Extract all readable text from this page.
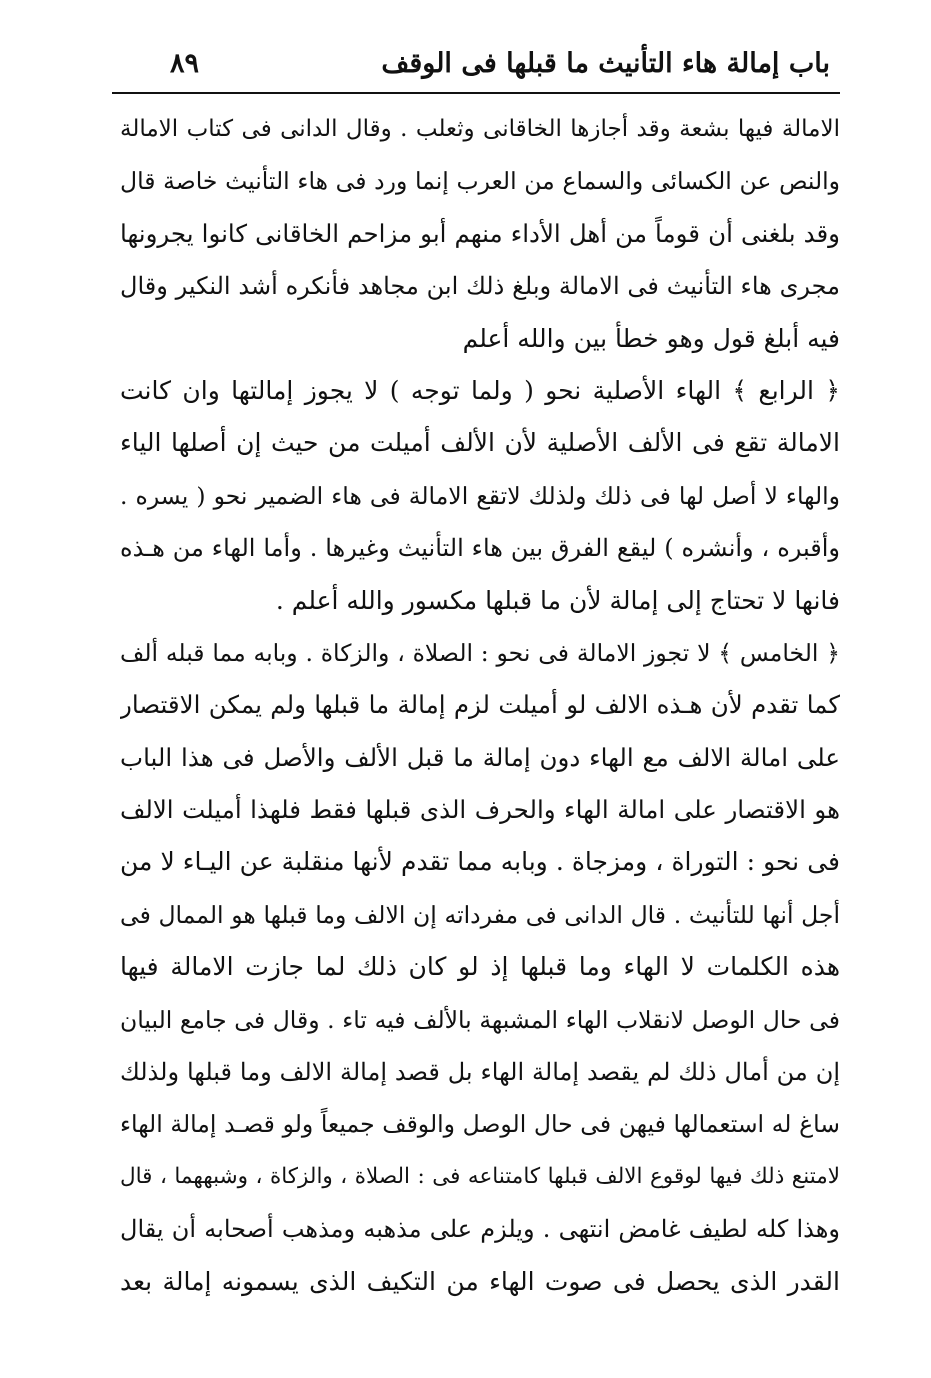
باب إمالة هاء التأنيث ما قبلها فى الوقف
٨٩
الامالة فيها بشعة وقد أجازها الخاقانى وثعلب . وقال الدانى فى كتاب الامالة
والنص عن الكسائى والسماع من العرب إنما ورد فى هاء التأنيث خاصة قال
وقد بلغنى أن قوماً من أهل الأداء منهم أبو مزاحم الخاقانى كانوا يجرونها
مجرى هاء التأنيث فى الامالة وبلغ ذلك ابن مجاهد فأنكره أشد النكير وقال
فيه أبلغ قول وهو خطأ بين والله أعلم
﴿ الرابع ﴾ الهاء الأصلية نحو ( ولما توجه ) لا يجوز إمالتها وان كانت
الامالة تقع فى الألف الأصلية لأن الألف أميلت من حيث إن أصلها الياء
والهاء لا أصل لها فى ذلك ولذلك لاتقع الامالة فى هاء الضمير نحو ( يسره .
وأقبره ، وأنشره ) ليقع الفرق بين هاء التأنيث وغيرها . وأما الهاء من هـذه
فانها لا تحتاج إلى إمالة لأن ما قبلها مكسور والله أعلم .
﴿ الخامس ﴾ لا تجوز الامالة فى نحو : الصلاة ، والزكاة . وبابه مما قبله ألف
كما تقدم لأن هـذه الالف لو أميلت لزم إمالة ما قبلها ولم يمكن الاقتصار
على امالة الالف مع الهاء دون إمالة ما قبل الألف والأصل فى هذا الباب
هو الاقتصار على امالة الهاء والحرف الذى قبلها فقط فلهذا أميلت الالف
فى نحو : التوراة ، ومزجاة . وبابه مما تقدم لأنها منقلبة عن اليـاء لا من
أجل أنها للتأنيث . قال الدانى فى مفرداته إن الالف وما قبلها هو الممال فى
هذه الكلمات لا الهاء وما قبلها إذ لو كان ذلك لما جازت الامالة فيها
فى حال الوصل لانقلاب الهاء المشبهة بالألف فيه تاء . وقال فى جامع البيان
إن من أمال ذلك لم يقصد إمالة الهاء بل قصد إمالة الالف وما قبلها ولذلك
ساغ له استعمالها فيهن فى حال الوصل والوقف جميعاً ولو قصـد إمالة الهاء
لامتنع ذلك فيها لوقوع الالف قبلها كامتناعه فى : الصلاة ، والزكاة ، وشبههما ، قال
وهذا كله لطيف غامض انتهى . ويلزم على مذهبه ومذهب أصحابه أن يقال
القدر الذى يحصل فى صوت الهاء من التكيف الذى يسمونه إمالة بعد
